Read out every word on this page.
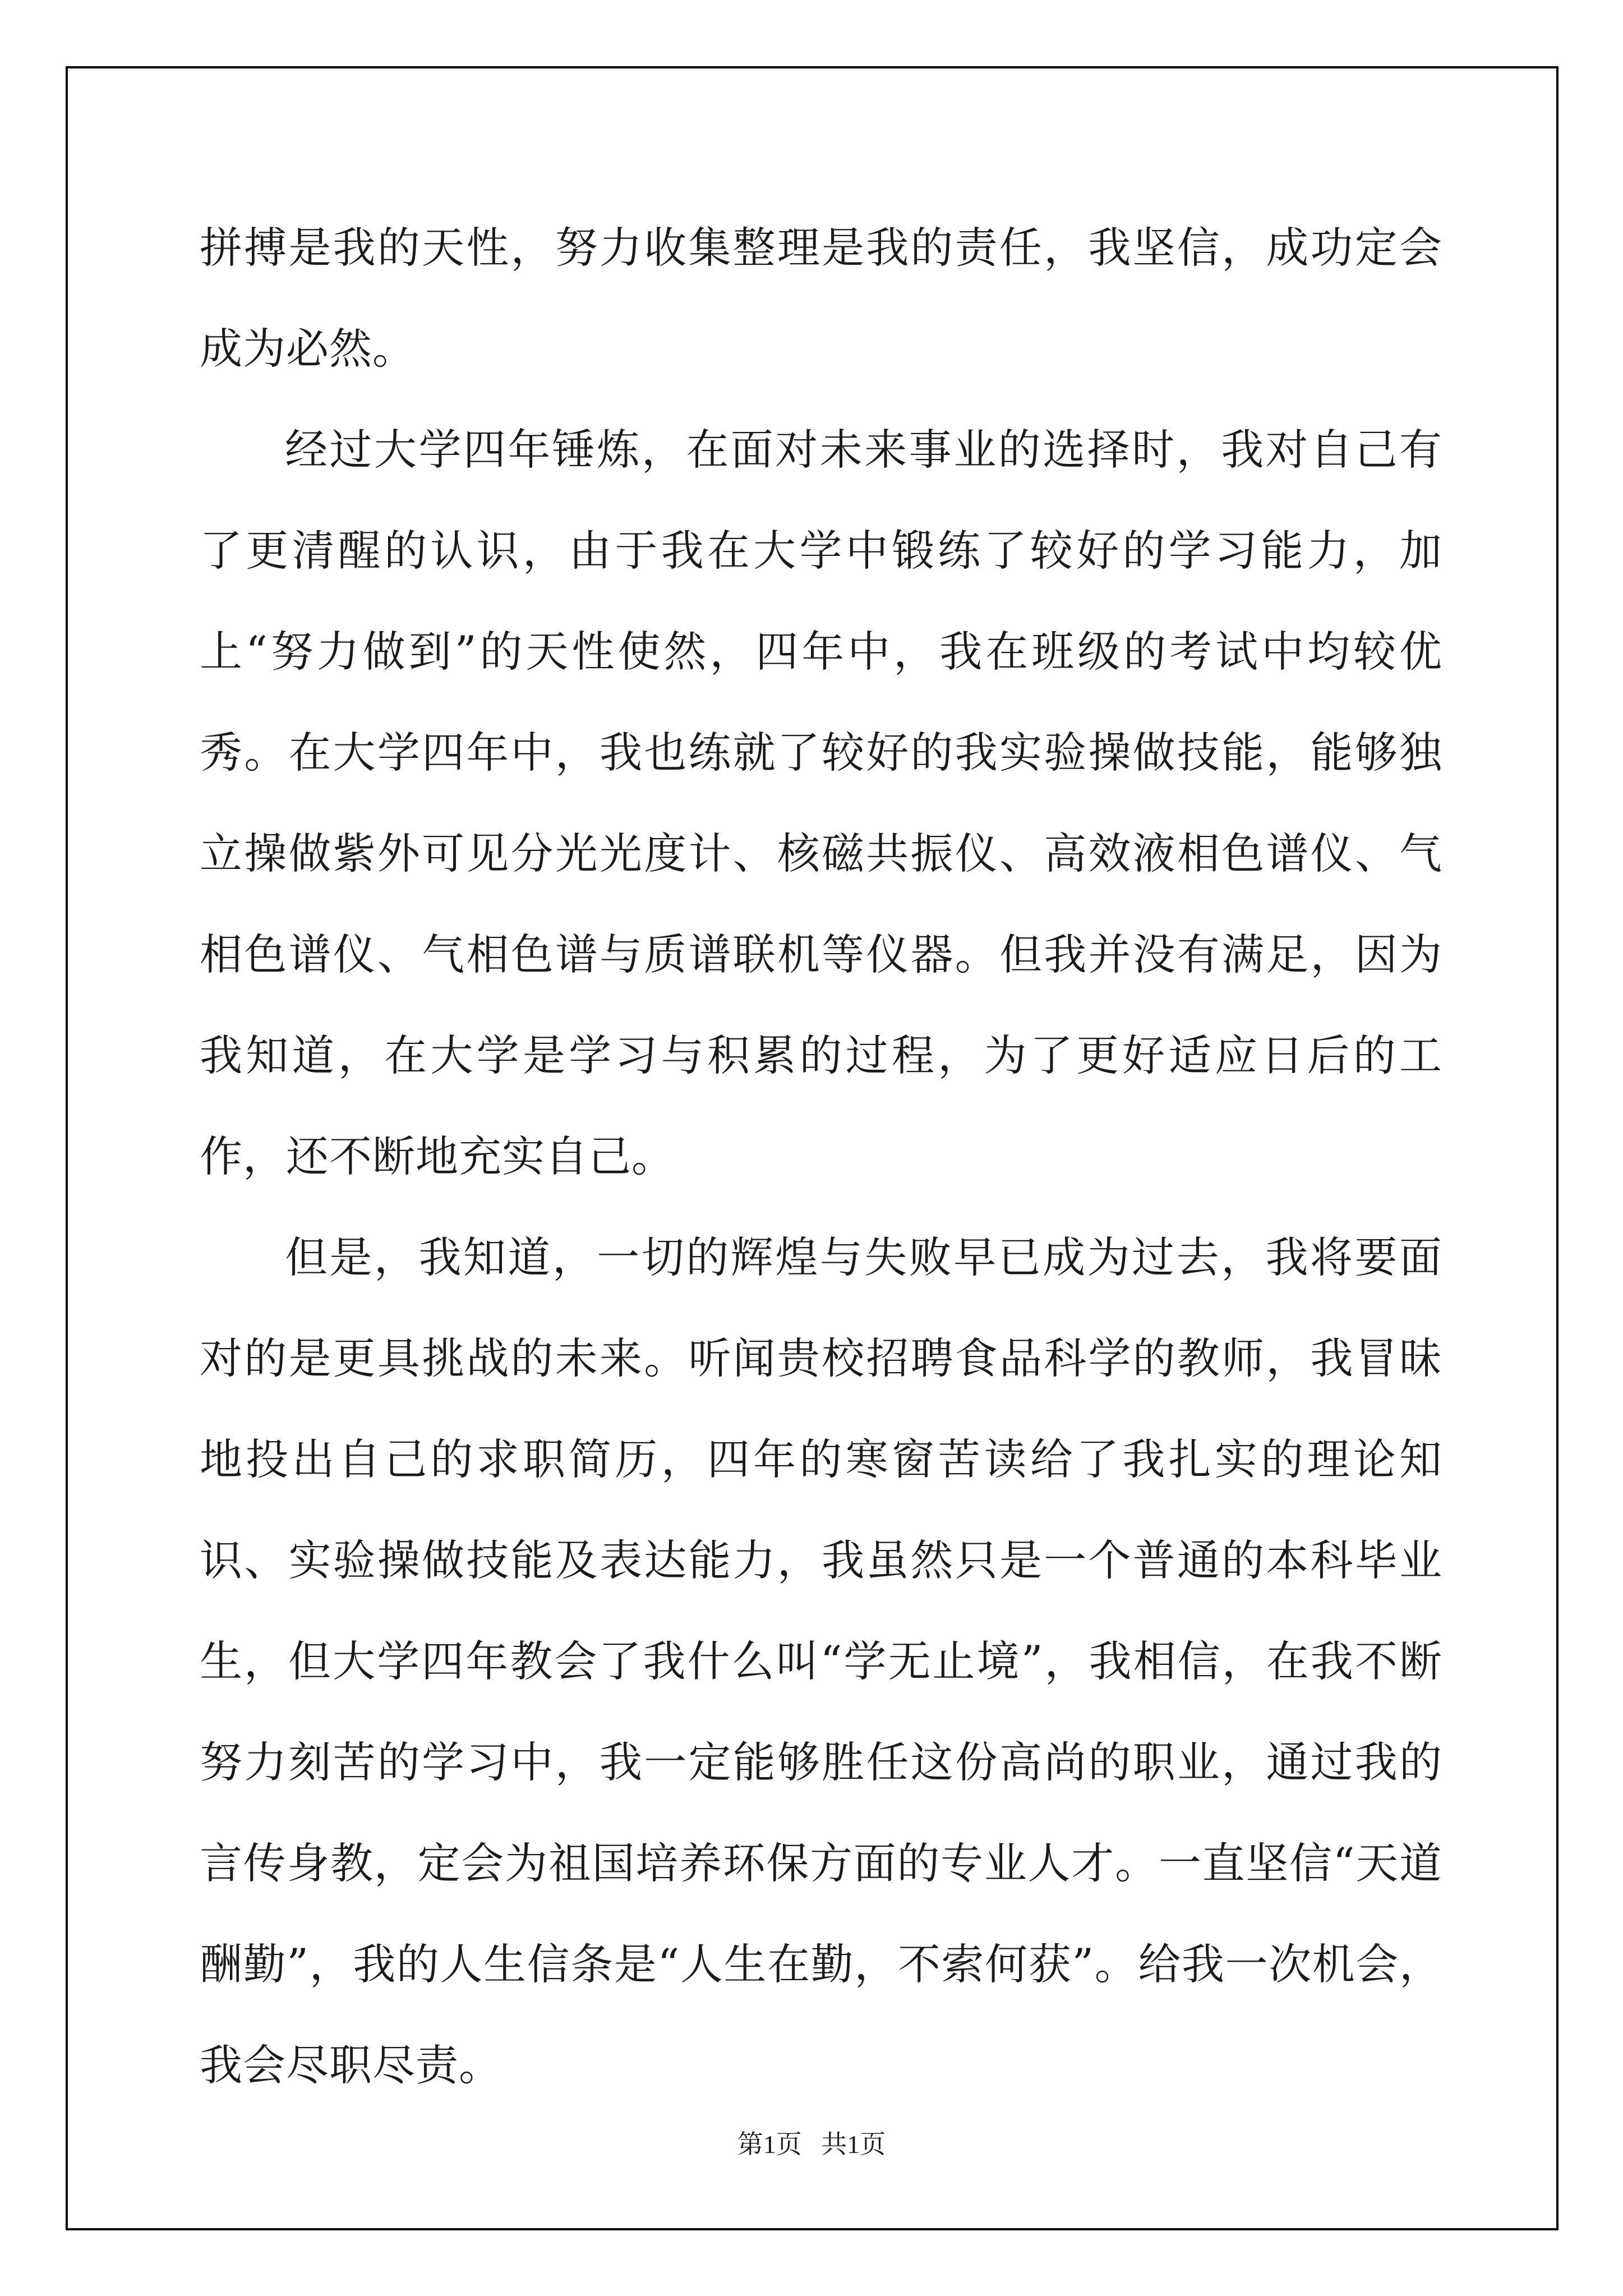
拼搏是我的天性，努力收集整理是我的责任，我坚信，成功定会成为必然。

经过大学四年锤炼，在面对未来事业的选择时，我对自己有了更清醒的认识，由于我在大学中锻练了较好的学习能力，加上“努力做到”的天性使然，四年中，我在班级的考试中均较优秀。在大学四年中，我也练就了较好的我实验操做技能，能够独立操做紫外可见分光光度计、核磁共振仪、高效液相色谱仪、气相色谱仪、气相色谱与质谱联机等仪器。但我并没有满足，因为我知道，在大学是学习与积累的过程，为了更好适应日后的工作，还不断地充实自己。

但是，我知道，一切的辉煌与失败早已成为过去，我将要面对的是更具挑战的未来。听闻贵校招聘食品科学的教师，我冒昧地投出自己的求职简历，四年的寒窗苦读给了我扎实的理论知识、实验操做技能及表达能力，我虽然只是一个普通的本科毕业生，但大学四年教会了我什么叫“学无止境”，我相信，在我不断努力刻苦的学习中，我一定能够胜任这份高尚的职业，通过我的言传身教，定会为祖国培养环保方面的专业人才。一直坚信“天道酬勤”，我的人生信条是“人生在勤，不索何获”。给我一次机会，我会尽职尽责。

第1页   共1页
